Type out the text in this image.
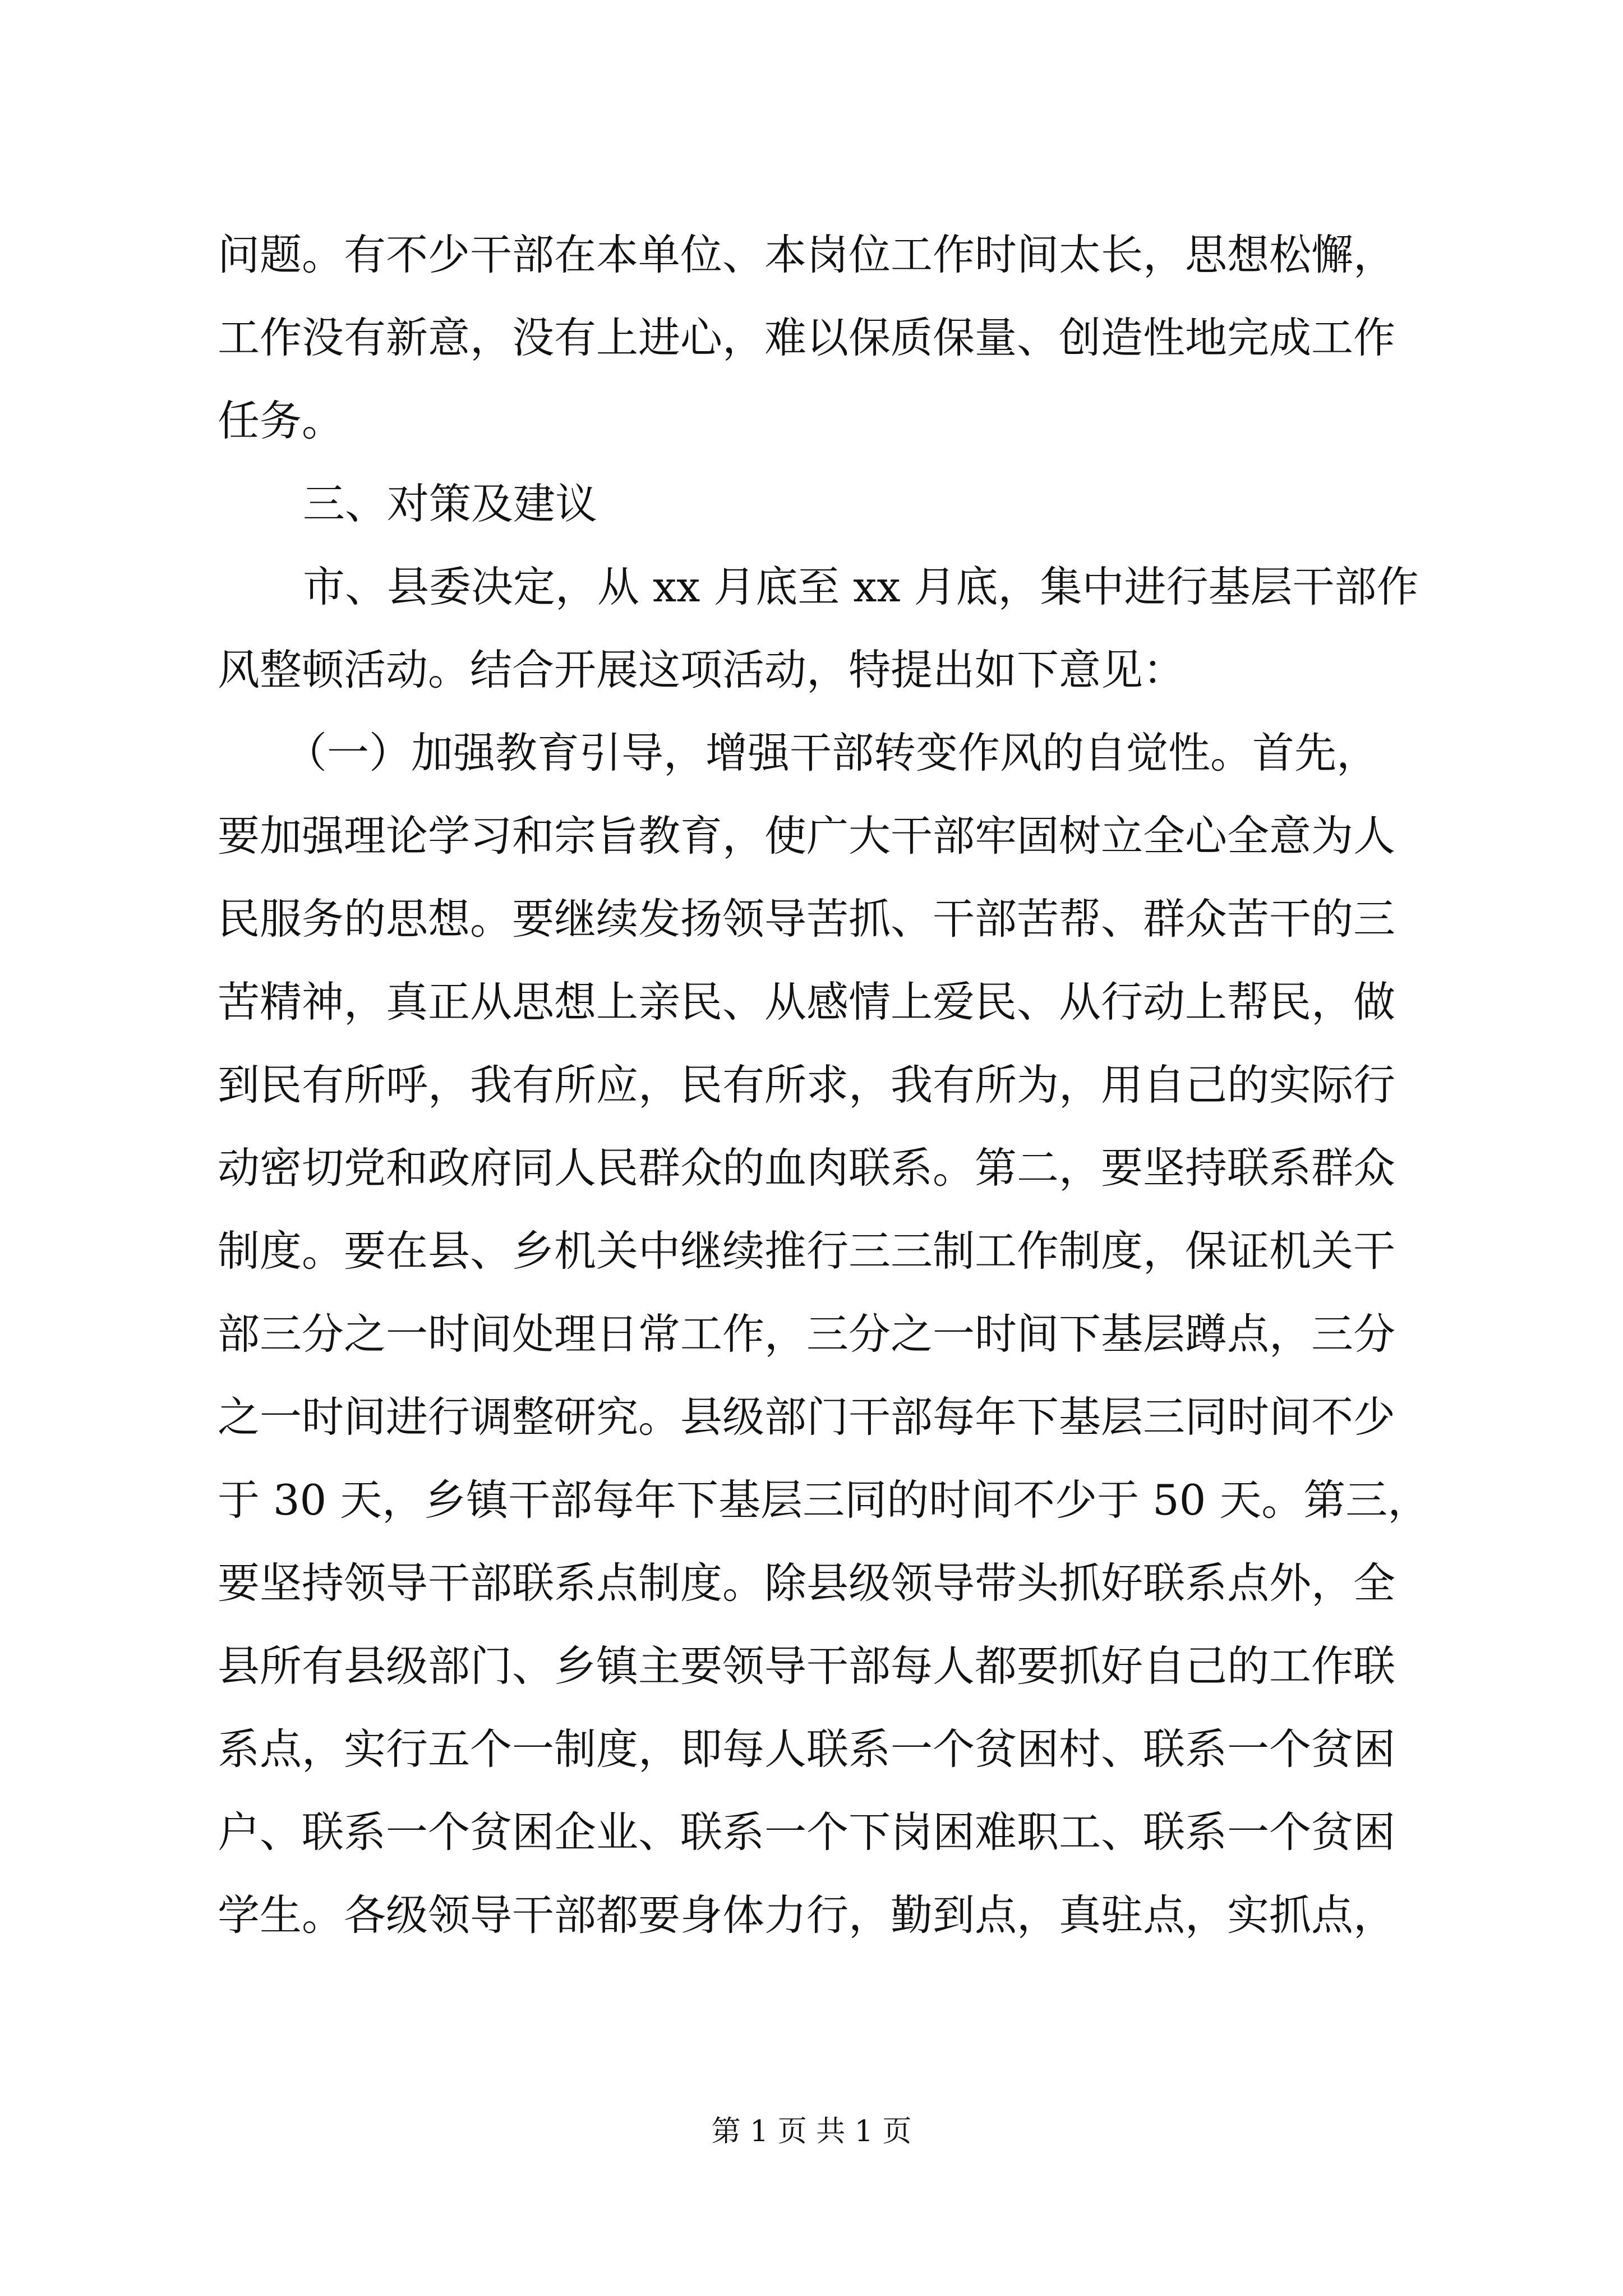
问题。有不少干部在本单位、本岗位工作时间太长，思想松懈，
工作没有新意，没有上进心，难以保质保量、创造性地完成工作
任务。
三、对策及建议
市、县委决定，从 xx 月底至 xx 月底，集中进行基层干部作
风整顿活动。结合开展这项活动，特提出如下意见：
（一）加强教育引导，增强干部转变作风的自觉性。首先，
要加强理论学习和宗旨教育，使广大干部牢固树立全心全意为人
民服务的思想。要继续发扬领导苦抓、干部苦帮、群众苦干的三
苦精神，真正从思想上亲民、从感情上爱民、从行动上帮民，做
到民有所呼，我有所应，民有所求，我有所为，用自己的实际行
动密切党和政府同人民群众的血肉联系。第二，要坚持联系群众
制度。要在县、乡机关中继续推行三三制工作制度，保证机关干
部三分之一时间处理日常工作，三分之一时间下基层蹲点，三分
之一时间进行调整研究。县级部门干部每年下基层三同时间不少
于 30 天，乡镇干部每年下基层三同的时间不少于 50 天。第三，
要坚持领导干部联系点制度。除县级领导带头抓好联系点外，全
县所有县级部门、乡镇主要领导干部每人都要抓好自己的工作联
系点，实行五个一制度，即每人联系一个贫困村、联系一个贫困
户、联系一个贫困企业、联系一个下岗困难职工、联系一个贫困
学生。各级领导干部都要身体力行，勤到点，真驻点，实抓点，
第 1 页 共 1 页
